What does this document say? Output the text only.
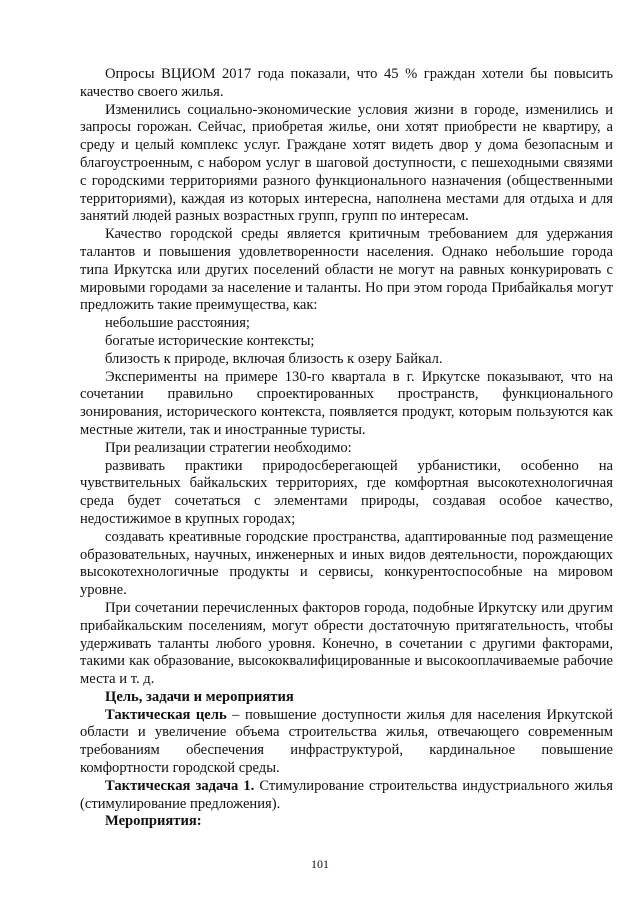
Опросы ВЦИОМ 2017 года показали, что 45 % граждан хотели бы повысить качество своего жилья.

Изменились социально-экономические условия жизни в городе, изменились и запросы горожан. Сейчас, приобретая жилье, они хотят приобрести не квартиру, а среду и целый комплекс услуг. Граждане хотят видеть двор у дома безопасным и благоустроенным, с набором услуг в шаговой доступности, с пешеходными связями с городскими территориями разного функционального назначения (общественными территориями), каждая из которых интересна, наполнена местами для отдыха и для занятий людей разных возрастных групп, групп по интересам.

Качество городской среды является критичным требованием для удержания талантов и повышения удовлетворенности населения. Однако небольшие города типа Иркутска или других поселений области не могут на равных конкурировать с мировыми городами за население и таланты. Но при этом города Прибайкалья могут предложить такие преимущества, как:

небольшие расстояния;

богатые исторические контексты;

близость к природе, включая близость к озеру Байкал.

Эксперименты на примере 130-го квартала в г. Иркутске показывают, что на сочетании правильно спроектированных пространств, функционального зонирования, исторического контекста, появляется продукт, которым пользуются как местные жители, так и иностранные туристы.

При реализации стратегии необходимо:

развивать практики природосберегающей урбанистики, особенно на чувствительных байкальских территориях, где комфортная высокотехнологичная среда будет сочетаться с элементами природы, создавая особое качество, недостижимое в крупных городах;

создавать креативные городские пространства, адаптированные под размещение образовательных, научных, инженерных и иных видов деятельности, порождающих высокотехнологичные продукты и сервисы, конкурентоспособные на мировом уровне.

При сочетании перечисленных факторов города, подобные Иркутску или другим прибайкальским поселениям, могут обрести достаточную притягательность, чтобы удерживать таланты любого уровня. Конечно, в сочетании с другими факторами, такими как образование, высококвалифицированные и высокооплачиваемые рабочие места и т. д.

Цель, задачи и мероприятия

Тактическая цель – повышение доступности жилья для населения Иркутской области и увеличение объема строительства жилья, отвечающего современным требованиям обеспечения инфраструктурой, кардинальное повышение комфортности городской среды.

Тактическая задача 1. Стимулирование строительства индустриального жилья (стимулирование предложения).

Мероприятия:

101
